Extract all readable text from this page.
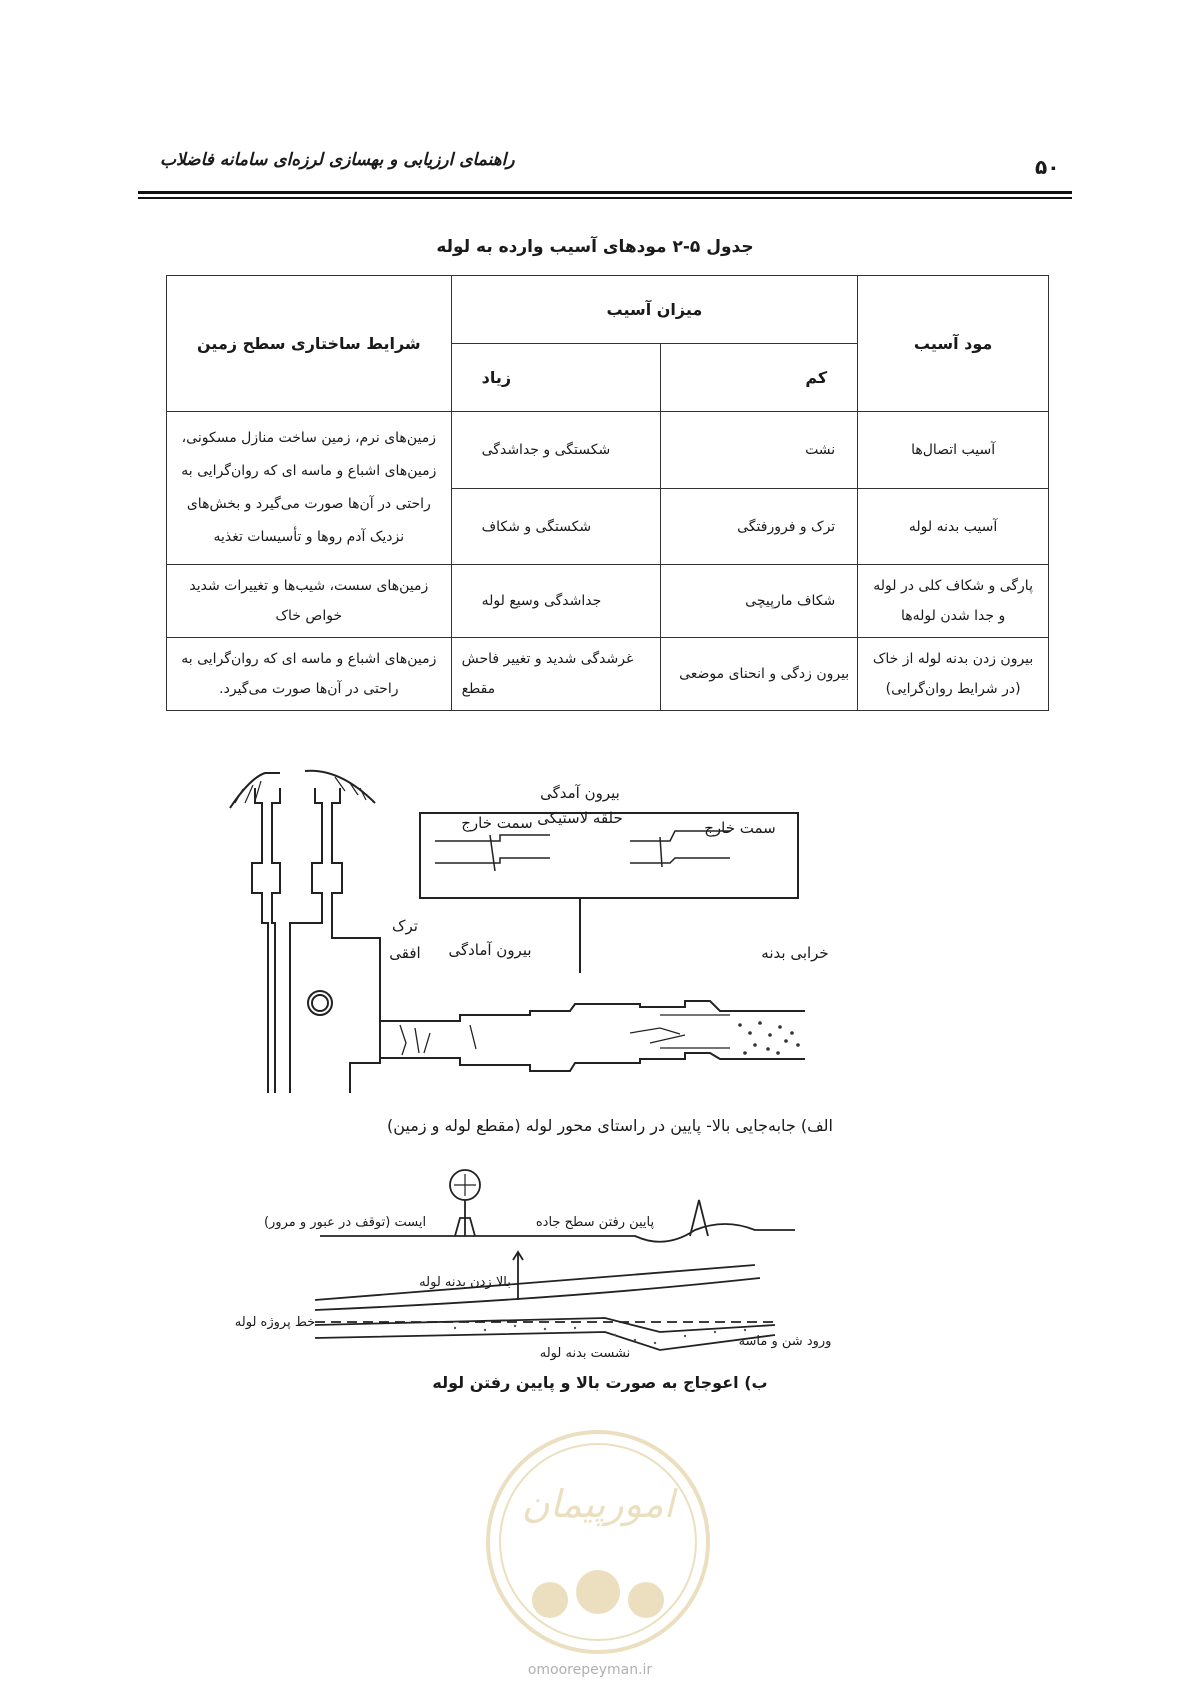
۵۰
راهنمای ارزیابی و بهسازی لرزه‌ای سامانه فاضلاب
جدول ۵-۲ مودهای آسیب وارده به لوله
مود آسیب	میزان آسیب		شرایط ساختاری سطح زمین
	کم	زیاد	
آسیب اتصال‌ها	نشت	شکستگی و جداشدگی	زمین‌های نرم، زمین ساخت منازل مسکونی، زمین‌های اشباع و ماسه ای که روان‌گرایی به راحتی در آن‌ها صورت می‌گیرد و بخش‌های نزدیک آدم روها و تأسیسات تغذیه
آسیب بدنه لوله	ترک و فرورفتگی	شکستگی و شکاف	
پارگی و شکاف کلی در لوله و جدا شدن لوله‌ها	شکاف مارپیچی	جداشدگی وسیع لوله	زمین‌های سست، شیب‌ها و تغییرات شدید خواص خاک
بیرون زدن بدنه لوله از خاک (در شرایط روان‌گرایی)	بیرون زدگی و انحنای موضعی	غرشدگی شدید و تغییر فاحش مقطع	زمین‌های اشباع و ماسه ای که روان‌گرایی به راحتی در آن‌ها صورت می‌گیرد.
بیرون آمدگی
حلقه لاستیکی
سمت خارج	سمت خارج
ترک
افقی بیرون آمادگی	خرابی بدنه
الف) جابه‌جایی بالا- پایین در راستای محور لوله (مقطع لوله و زمین)
ایست (توقف در عبور و مرور)	پایین رفتن سطح جاده
بالا زدن بدنه لوله
خط پروژه لوله
ورود شن و ماسه
نشست بدنه لوله
ب) اعوجاج به صورت بالا و پایین رفتن لوله
امورپیمان
omoorepeyman.ir
